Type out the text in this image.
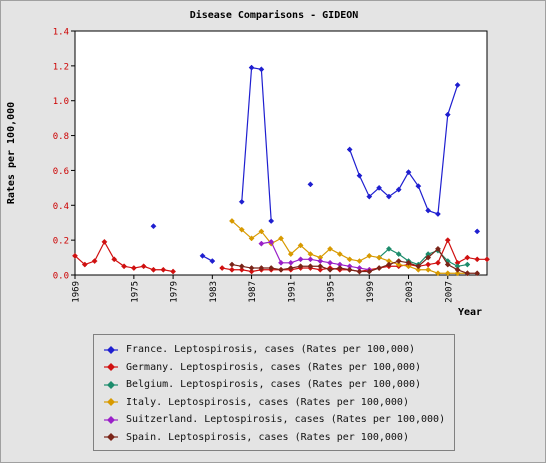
Disease Comparisons - GIDEON
Rates per 100,000
Year
0.0
0.2
0.4
0.6
0.8
1.0
1.2
1.4
1969	1975	1979	1983	1987	1991	1995	1999	2003	2007
France. Leptospirosis, cases (Rates per 100,000)
Germany. Leptospirosis, cases (Rates per 100,000)
Belgium. Leptospirosis, cases (Rates per 100,000)
Italy. Leptospirosis, cases (Rates per 100,000)
Suitzerland. Leptospirosis, cases (Rates per 100,000)
Spain. Leptospirosis, cases (Rates per 100,000)
